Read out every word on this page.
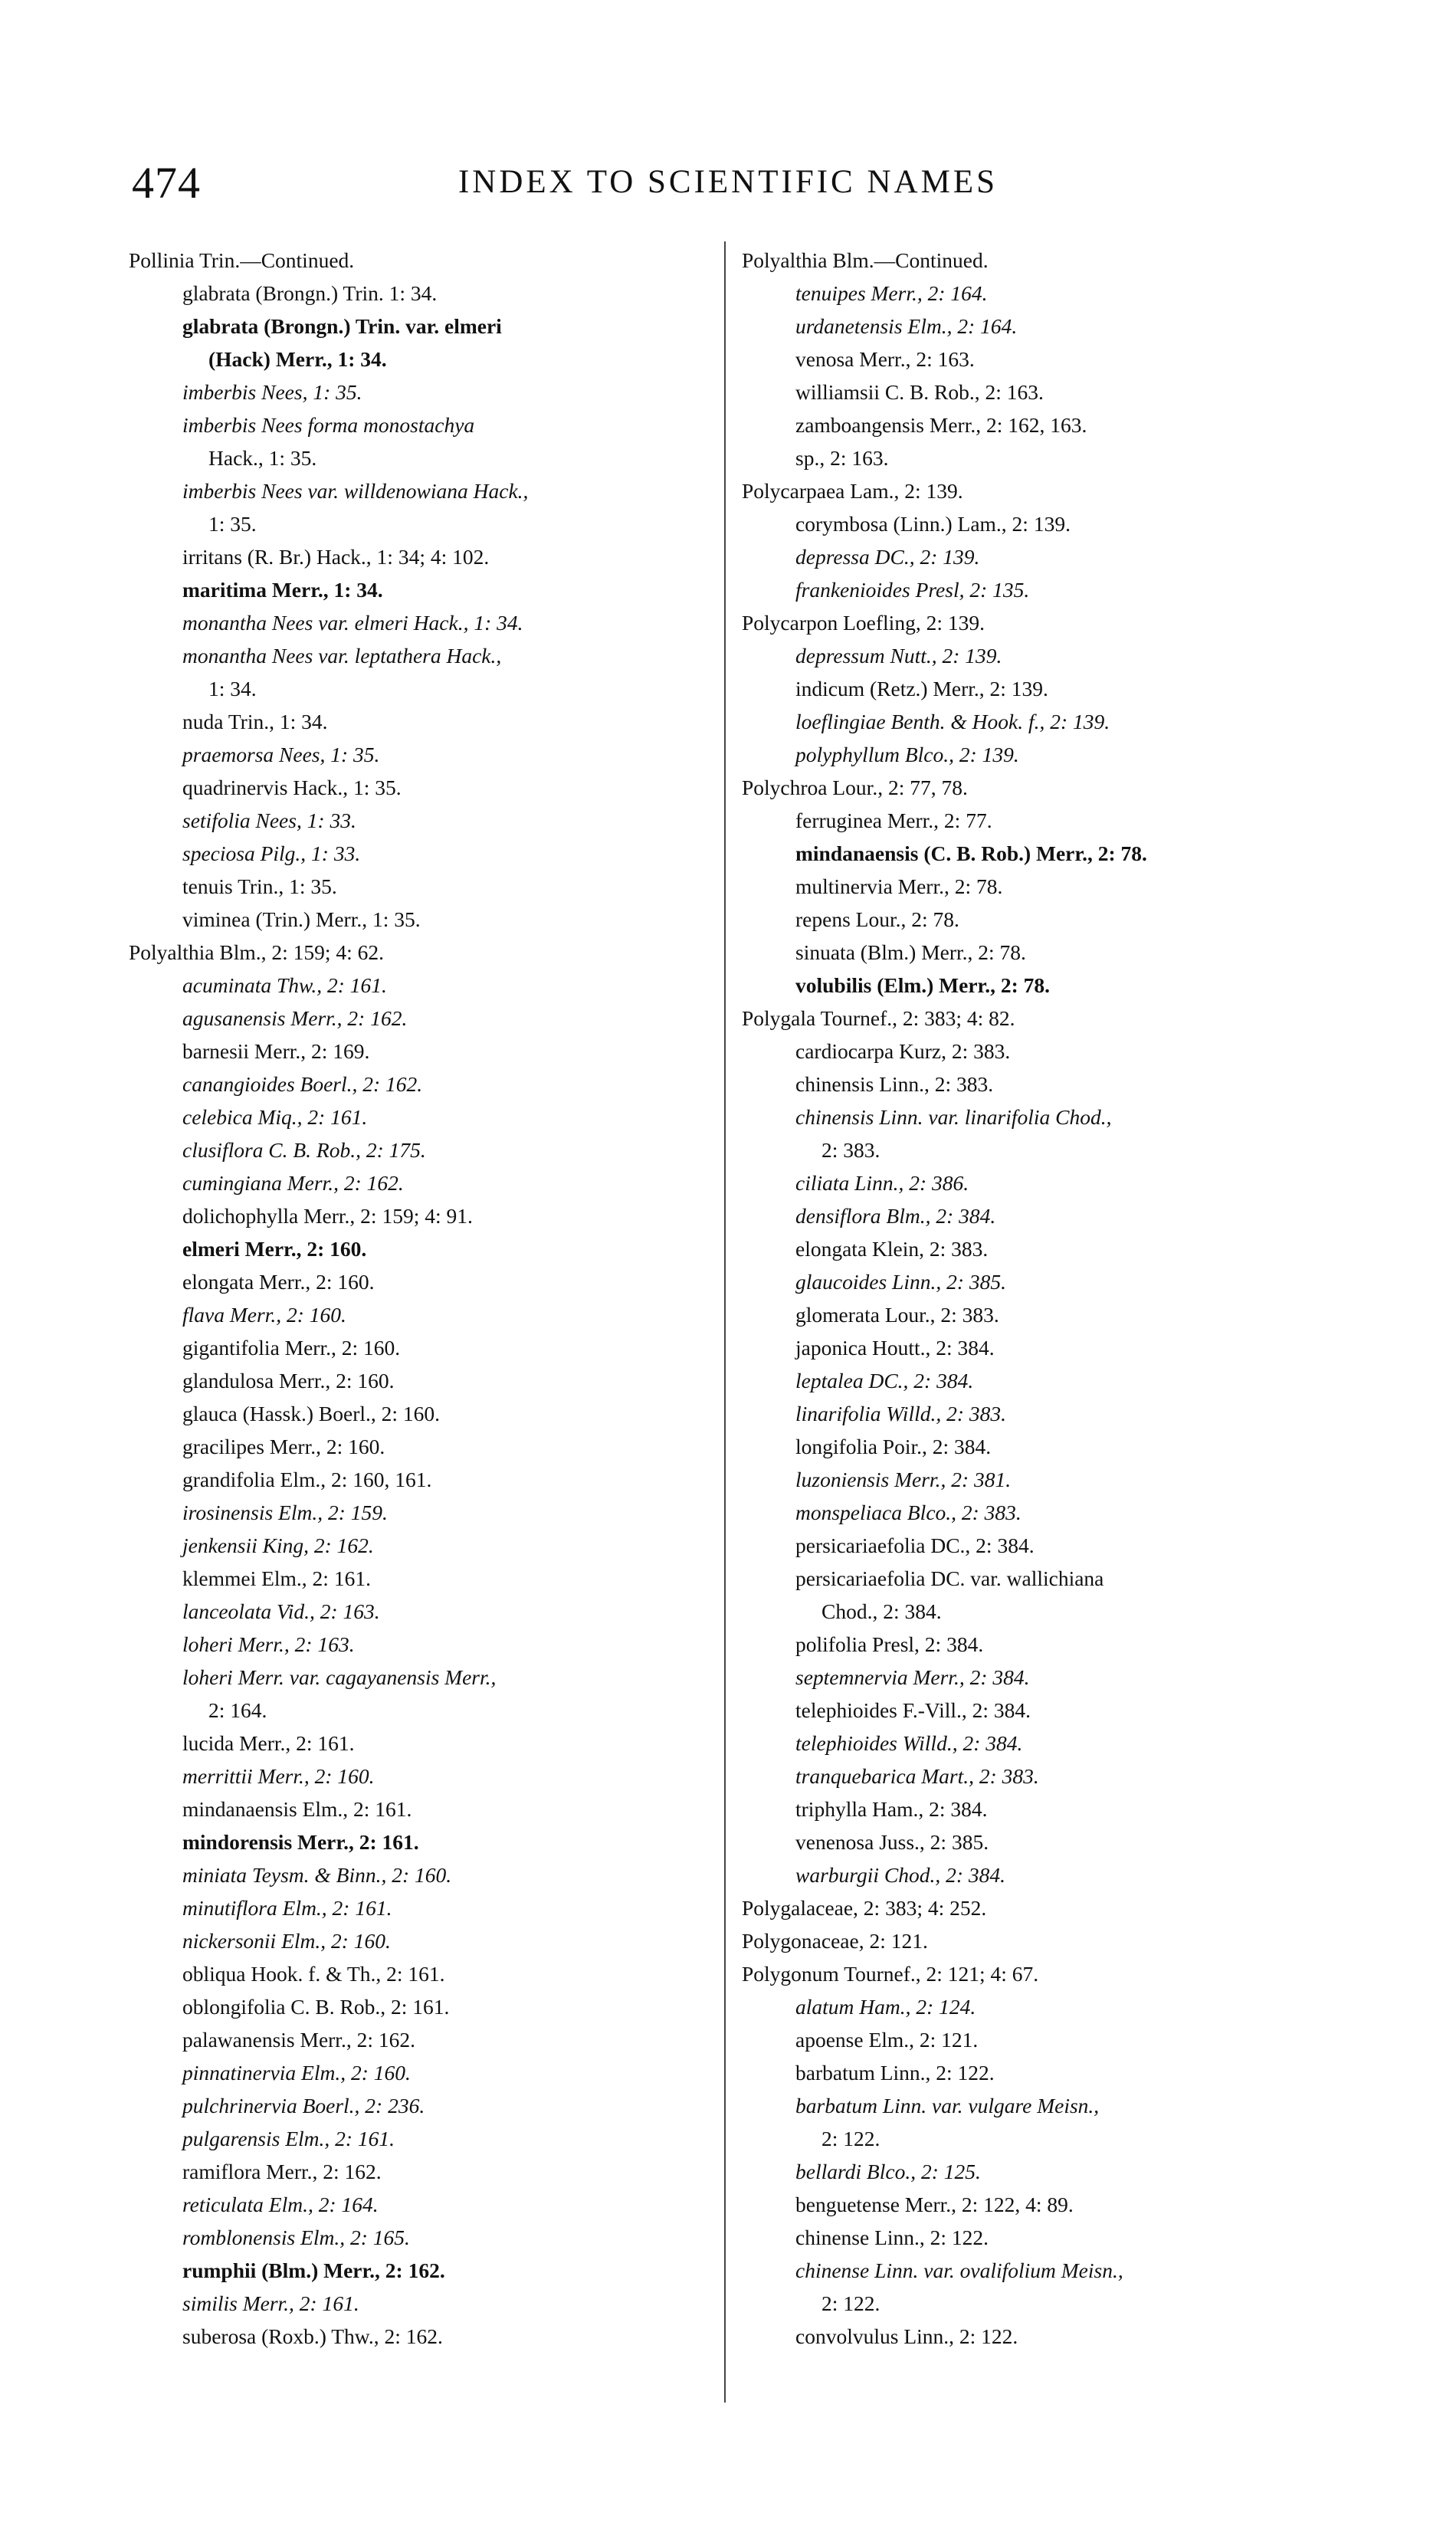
474	INDEX TO SCIENTIFIC NAMES
Pollinia Trin.—Continued.
glabrata (Brongn.) Trin. 1: 34.
glabrata (Brongn.) Trin. var. elmeri
(Hack) Merr., 1: 34.
imberbis Nees, 1: 35.
imberbis Nees forma monostachya
Hack., 1: 35.
imberbis Nees var. willdenowiana Hack.,
1: 35.
irritans (R. Br.) Hack., 1: 34; 4: 102.
maritima Merr., 1: 34.
monantha Nees var. elmeri Hack., 1: 34.
monantha Nees var. leptathera Hack.,
1: 34.
nuda Trin., 1: 34.
praemorsa Nees, 1: 35.
quadrinervis Hack., 1: 35.
setifolia Nees, 1: 33.
speciosa Pilg., 1: 33.
tenuis Trin., 1: 35.
viminea (Trin.) Merr., 1: 35.
Polyalthia Blm., 2: 159; 4: 62.
acuminata Thw., 2: 161.
agusanensis Merr., 2: 162.
barnesii Merr., 2: 169.
canangioides Boerl., 2: 162.
celebica Miq., 2: 161.
clusiflora C. B. Rob., 2: 175.
cumingiana Merr., 2: 162.
dolichophylla Merr., 2: 159; 4: 91.
elmeri Merr., 2: 160.
elongata Merr., 2: 160.
flava Merr., 2: 160.
gigantifolia Merr., 2: 160.
glandulosa Merr., 2: 160.
glauca (Hassk.) Boerl., 2: 160.
gracilipes Merr., 2: 160.
grandifolia Elm., 2: 160, 161.
irosinensis Elm., 2: 159.
jenkensii King, 2: 162.
klemmei Elm., 2: 161.
lanceolata Vid., 2: 163.
loheri Merr., 2: 163.
loheri Merr. var. cagayanensis Merr.,
2: 164.
lucida Merr., 2: 161.
merrittii Merr., 2: 160.
mindanaensis Elm., 2: 161.
mindorensis Merr., 2: 161.
miniata Teysm. & Binn., 2: 160.
minutiflora Elm., 2: 161.
nickersonii Elm., 2: 160.
obliqua Hook. f. & Th., 2: 161.
oblongifolia C. B. Rob., 2: 161.
palawanensis Merr., 2: 162.
pinnatinervia Elm., 2: 160.
pulchrinervia Boerl., 2: 236.
pulgarensis Elm., 2: 161.
ramiflora Merr., 2: 162.
reticulata Elm., 2: 164.
romblonensis Elm., 2: 165.
rumphii (Blm.) Merr., 2: 162.
similis Merr., 2: 161.
suberosa (Roxb.) Thw., 2: 162.
Polyalthia Blm.—Continued.
tenuipes Merr., 2: 164.
urdanetensis Elm., 2: 164.
venosa Merr., 2: 163.
williamsii C. B. Rob., 2: 163.
zamboangensis Merr., 2: 162, 163.
sp., 2: 163.
Polycarpaea Lam., 2: 139.
corymbosa (Linn.) Lam., 2: 139.
depressa DC., 2: 139.
frankenioides Presl, 2: 135.
Polycarpon Loefling, 2: 139.
depressum Nutt., 2: 139.
indicum (Retz.) Merr., 2: 139.
loeflingiae Benth. & Hook. f., 2: 139.
polyphyllum Blco., 2: 139.
Polychroa Lour., 2: 77, 78.
ferruginea Merr., 2: 77.
mindanaensis (C. B. Rob.) Merr., 2: 78.
multinervia Merr., 2: 78.
repens Lour., 2: 78.
sinuata (Blm.) Merr., 2: 78.
volubilis (Elm.) Merr., 2: 78.
Polygala Tournef., 2: 383; 4: 82.
cardiocarpa Kurz, 2: 383.
chinensis Linn., 2: 383.
chinensis Linn. var. linarifolia Chod.,
2: 383.
ciliata Linn., 2: 386.
densiflora Blm., 2: 384.
elongata Klein, 2: 383.
glaucoides Linn., 2: 385.
glomerata Lour., 2: 383.
japonica Houtt., 2: 384.
leptalea DC., 2: 384.
linarifolia Willd., 2: 383.
longifolia Poir., 2: 384.
luzoniensis Merr., 2: 381.
monspeliaca Blco., 2: 383.
persicariaefolia DC., 2: 384.
persicariaefolia DC. var. wallichiana
Chod., 2: 384.
polifolia Presl, 2: 384.
septemnervia Merr., 2: 384.
telephioides F.-Vill., 2: 384.
telephioides Willd., 2: 384.
tranquebarica Mart., 2: 383.
triphylla Ham., 2: 384.
venenosa Juss., 2: 385.
warburgii Chod., 2: 384.
Polygalaceae, 2: 383; 4: 252.
Polygonaceae, 2: 121.
Polygonum Tournef., 2: 121; 4: 67.
alatum Ham., 2: 124.
apoense Elm., 2: 121.
barbatum Linn., 2: 122.
barbatum Linn. var. vulgare Meisn.,
2: 122.
bellardi Blco., 2: 125.
benguetense Merr., 2: 122, 4: 89.
chinense Linn., 2: 122.
chinense Linn. var. ovalifolium Meisn.,
2: 122.
convolvulus Linn., 2: 122.
